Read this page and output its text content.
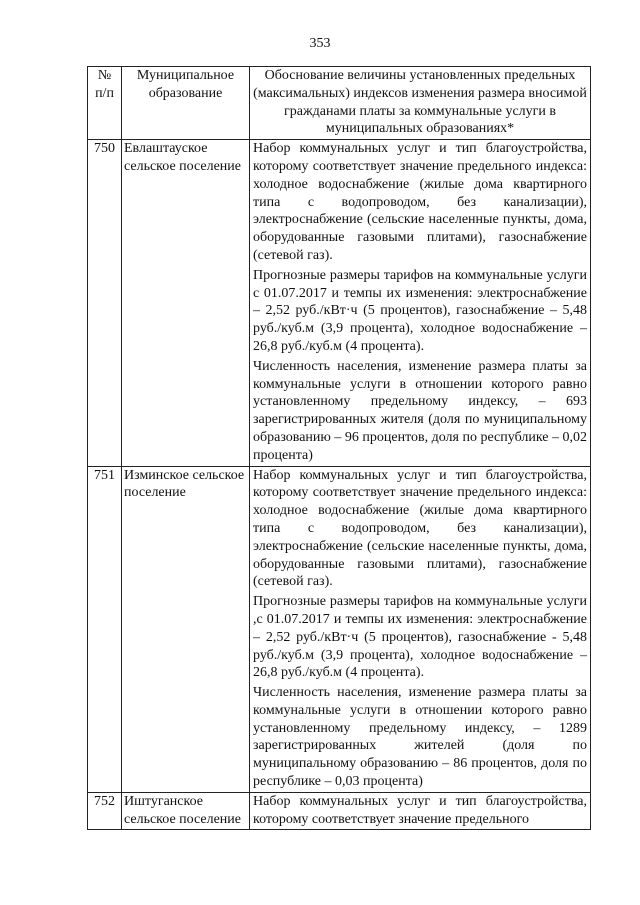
353
№ п/п	Муниципальное образование	Обоснование величины установленных предельных (максимальных) индексов изменения размера вносимой гражданами платы за коммунальные услуги в муниципальных образованиях*
750	Евлаштауское сельское поселение	Набор коммунальных услуг и тип благоустройства, которому соответствует значение предельного индекса: холодное водоснабжение (жилые дома квартирного типа с водопроводом, без канализации), электроснабжение (сельские населенные пункты, дома, оборудованные газовыми плитами), газоснабжение (сетевой газ).

Прогнозные размеры тарифов на коммунальные услуги с 01.07.2017 и темпы их изменения: электроснабжение – 2,52 руб./кВт·ч (5 процентов), газоснабжение – 5,48 руб./куб.м (3,9 процента), холодное водоснабжение – 26,8 руб./куб.м (4 процента).

Численность населения, изменение размера платы за коммунальные услуги в отношении которого равно установленному предельному индексу, – 693 зарегистрированных жителя (доля по муниципальному образованию – 96 процентов, доля по республике – 0,02 процента)

751	Изминское сельское поселение	Набор коммунальных услуг и тип благоустройства, которому соответствует значение предельного индекса: холодное водоснабжение (жилые дома квартирного типа с водопроводом, без канализации), электроснабжение (сельские населенные пункты, дома, оборудованные газовыми плитами), газоснабжение (сетевой газ).

Прогнозные размеры тарифов на коммунальные услуги ,с 01.07.2017 и темпы их изменения: электроснабжение – 2,52 руб./кВт·ч (5 процентов), газоснабжение - 5,48 руб./куб.м (3,9 процента), холодное водоснабжение – 26,8 руб./куб.м (4 процента).

Численность населения, изменение размера платы за коммунальные услуги в отношении которого равно установленному предельному индексу, – 1289 зарегистрированных жителей (доля по муниципальному образованию – 86 процентов, доля по республике – 0,03 процента)

752	Иштуганское сельское поселение	Набор коммунальных услуг и тип благоустройства, которому соответствует значение предельного
